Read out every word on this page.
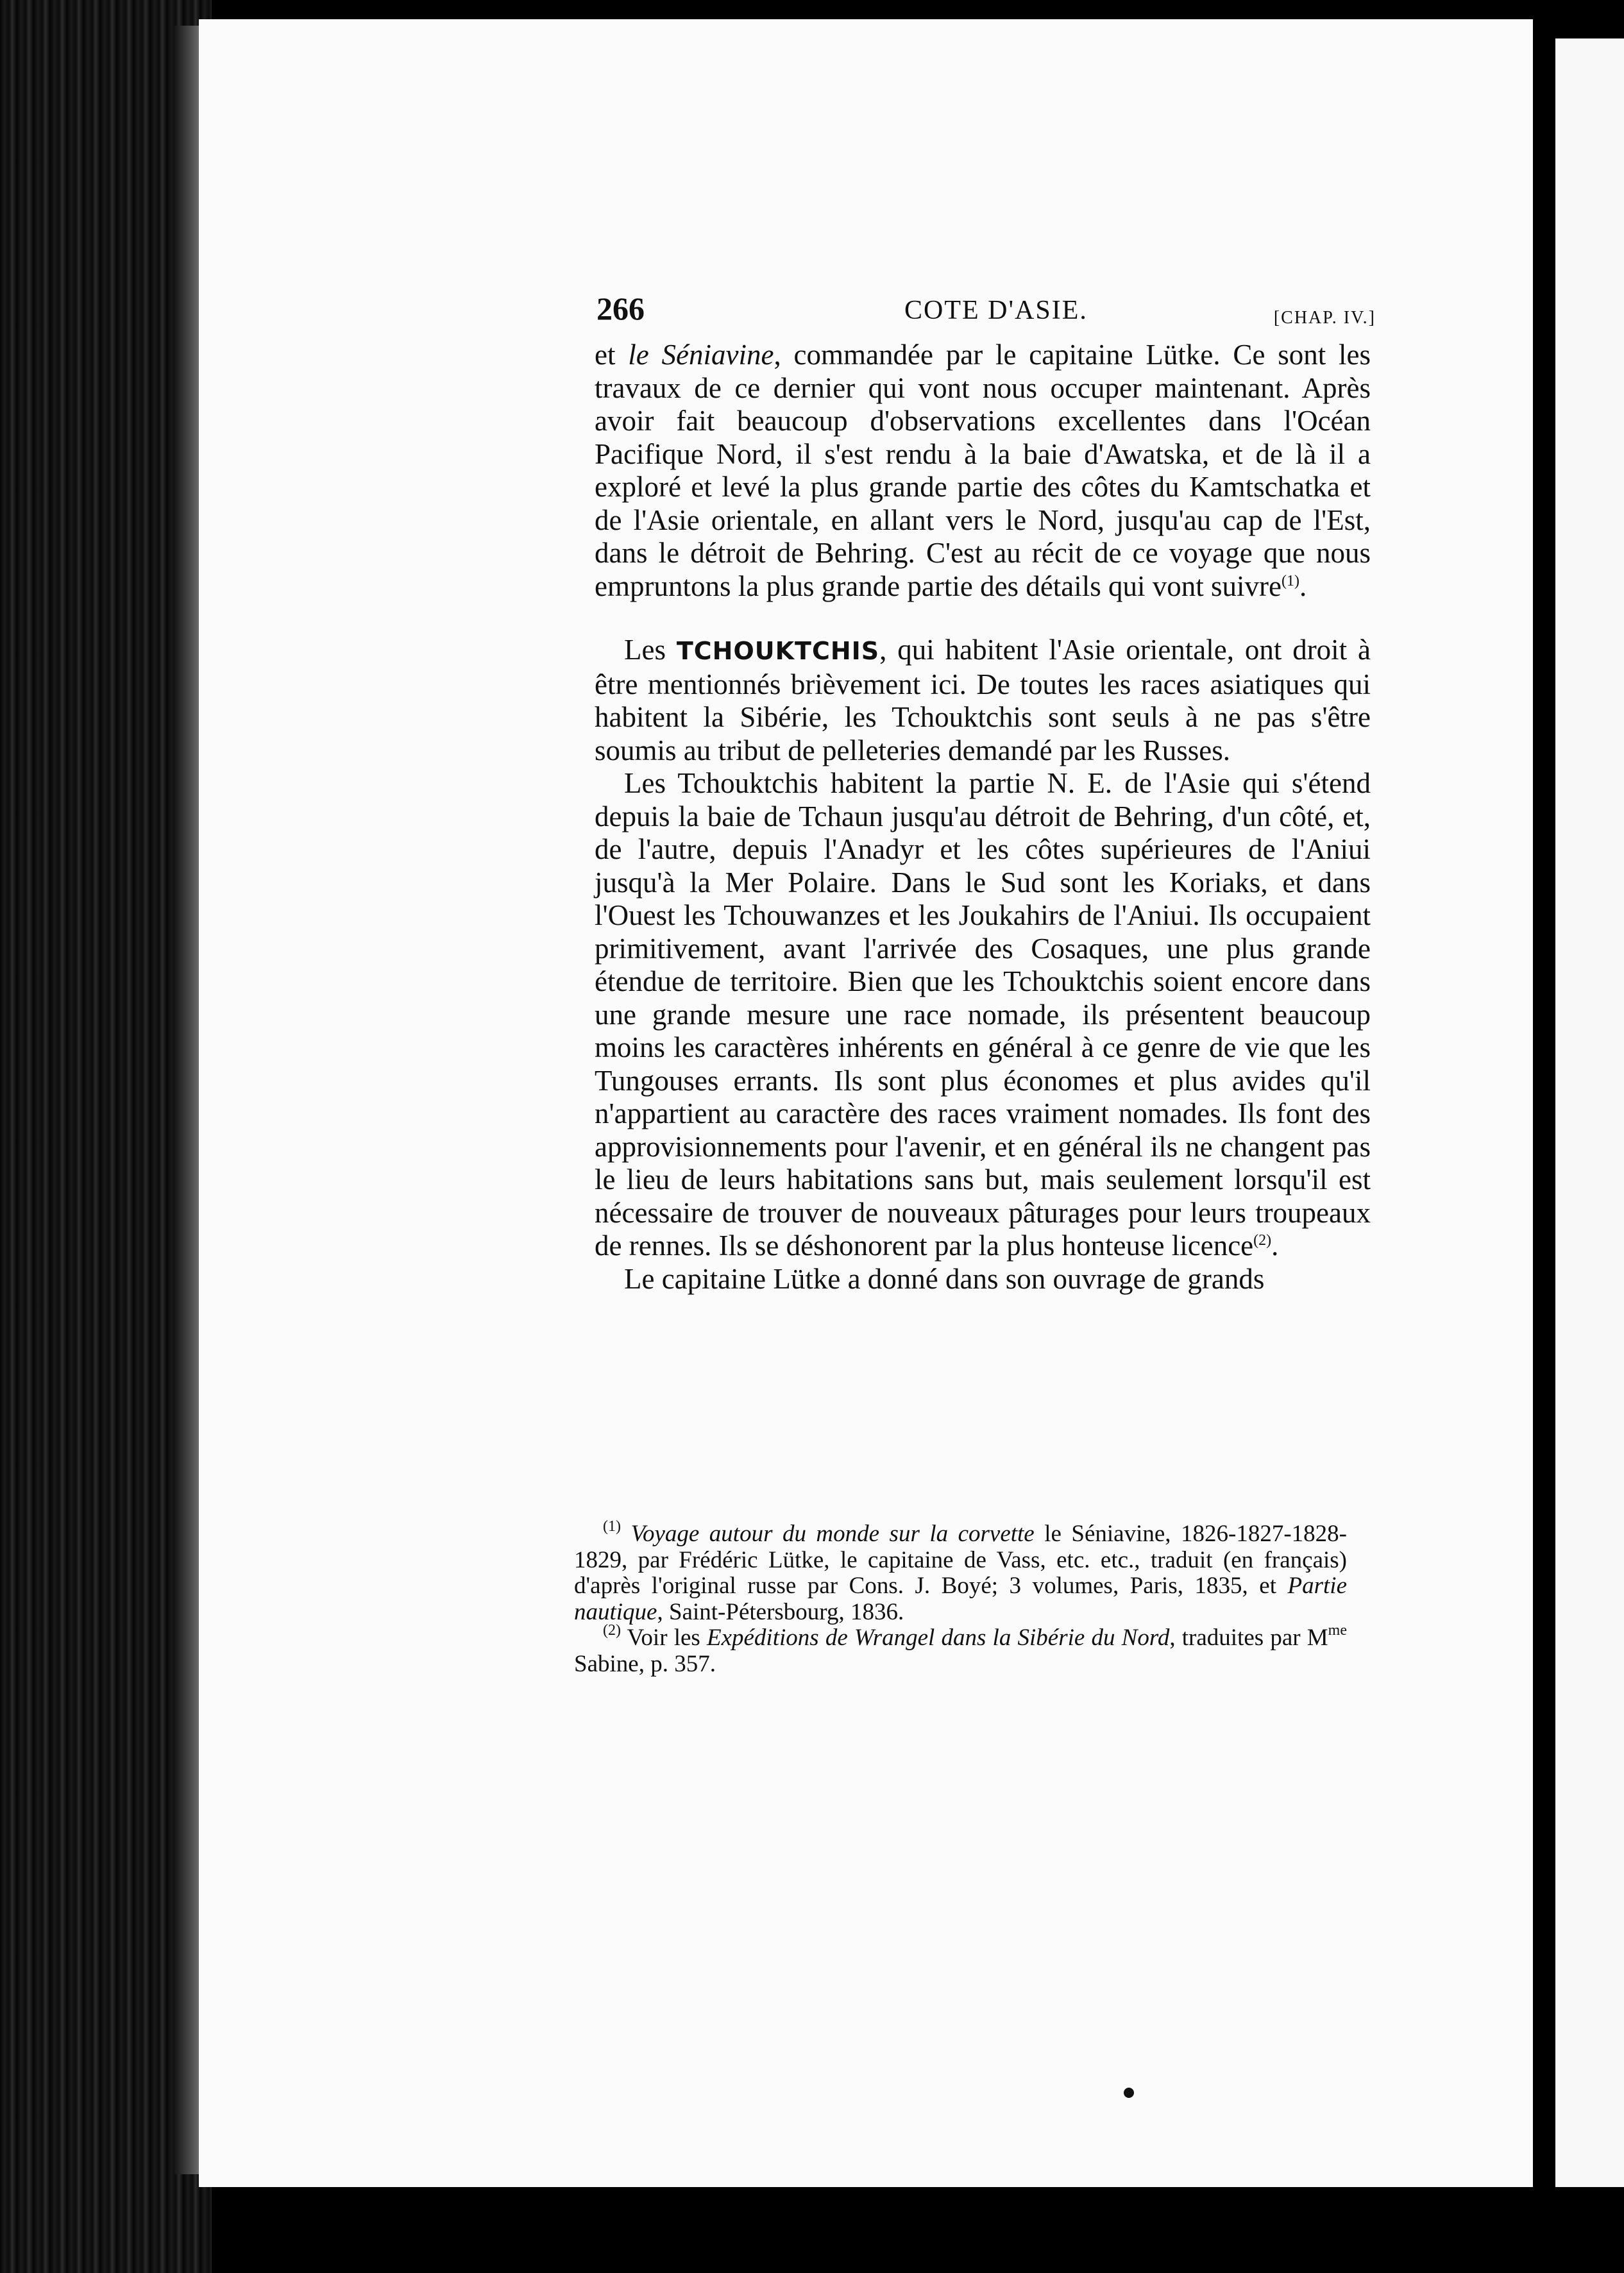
266	COTE D'ASIE.	[CHAP. IV.]

et le Séniavine, commandée par le capitaine Lütke. Ce sont les travaux de ce dernier qui vont nous occuper maintenant. Après avoir fait beaucoup d'observations excellentes dans l'Océan Pacifique Nord, il s'est rendu à la baie d'Awatska, et de là il a exploré et levé la plus grande partie des côtes du Kamtschatka et de l'Asie orientale, en allant vers le Nord, jusqu'au cap de l'Est, dans le détroit de Behring. C'est au récit de ce voyage que nous empruntons la plus grande partie des détails qui vont suivre$^{(1)}$.

Les TCHOUKTCHIS, qui habitent l'Asie orientale, ont droit à être mentionnés brièvement ici. De toutes les races asiatiques qui habitent la Sibérie, les Tchouktchis sont seuls à ne pas s'être soumis au tribut de pelleteries demandé par les Russes.

Les Tchouktchis habitent la partie N. E. de l'Asie qui s'étend depuis la baie de Tchaun jusqu'au détroit de Behring, d'un côté, et, de l'autre, depuis l'Anadyr et les côtes supérieures de l'Aniui jusqu'à la Mer Polaire. Dans le Sud sont les Koriaks, et dans l'Ouest les Tchouwanzes et les Joukahirs de l'Aniui. Ils occupaient primitivement, avant l'arrivée des Cosaques, une plus grande étendue de territoire. Bien que les Tchouktchis soient encore dans une grande mesure une race nomade, ils présentent beaucoup moins les caractères inhérents en général à ce genre de vie que les Tungouses errants. Ils sont plus économes et plus avides qu'il n'appartient au caractère des races vraiment nomades. Ils font des approvisionnements pour l'avenir, et en général ils ne changent pas le lieu de leurs habitations sans but, mais seulement lorsqu'il est nécessaire de trouver de nouveaux pâturages pour leurs troupeaux de rennes. Ils se déshonorent par la plus honteuse licence$^{(2)}$.

Le capitaine Lütke a donné dans son ouvrage de grands

$^{(1)}$ Voyage autour du monde sur la corvette le Séniavine, 1826-1827-1828-1829, par Frédéric Lütke, le capitaine de Vass, etc. etc., traduit (en français) d'après l'original russe par Cons. J. Boyé; 3 volumes, Paris, 1835, et Partie nautique, Saint-Pétersbourg, 1836.

$^{(2)}$ Voir les Expéditions de Wrangel dans la Sibérie du Nord, traduites par $M^{me}$ Sabine, p. 357.
